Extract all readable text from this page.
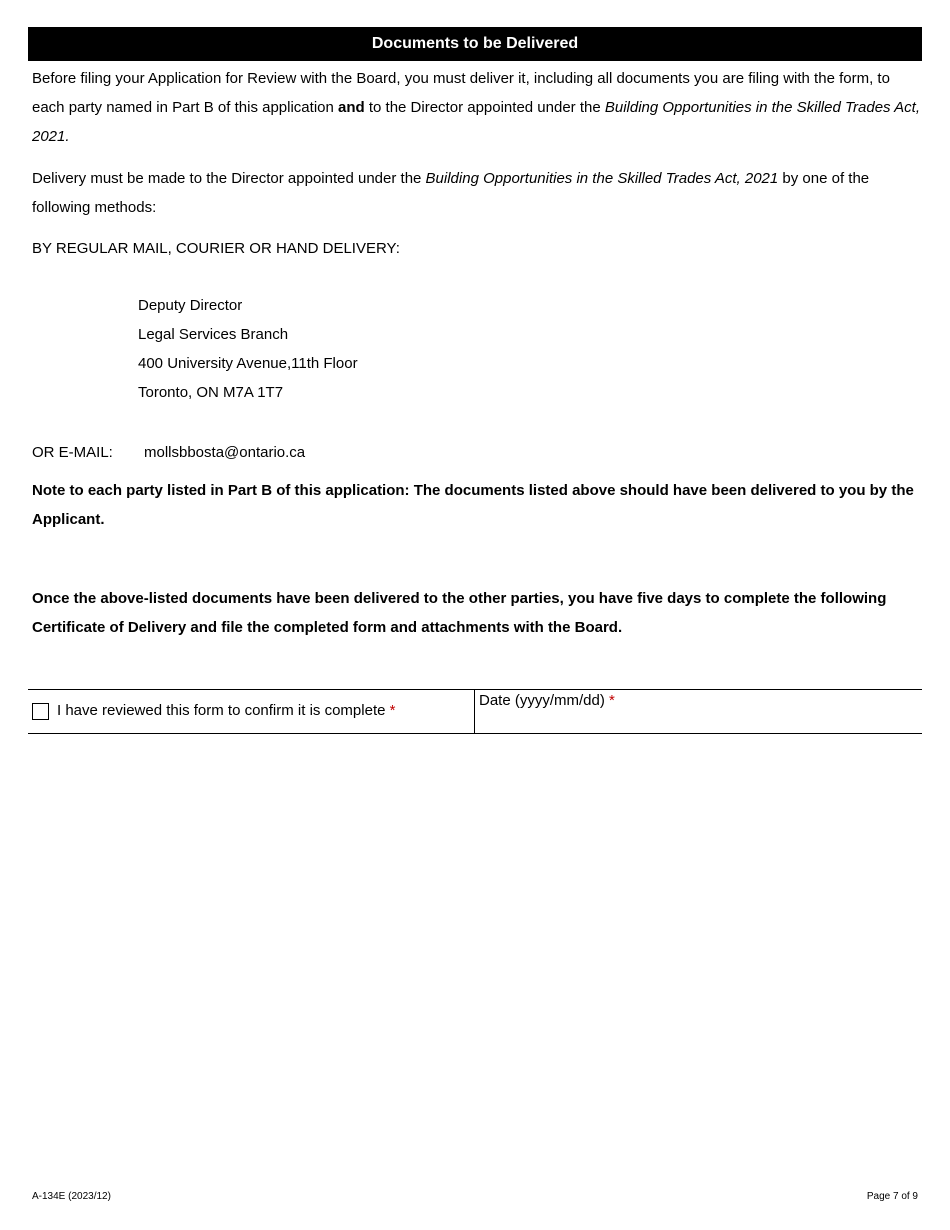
Documents to be Delivered

Before filing your Application for Review with the Board, you must deliver it, including all documents you are filing with the form, to each party named in Part B of this application and to the Director appointed under the Building Opportunities in the Skilled Trades Act, 2021.

Delivery must be made to the Director appointed under the Building Opportunities in the Skilled Trades Act, 2021 by one of the following methods:

BY REGULAR MAIL, COURIER OR HAND DELIVERY:
Deputy Director
Legal Services Branch
400 University Avenue,11th Floor
Toronto, ON M7A 1T7
OR E-MAIL: mollsbbosta@ontario.ca

Note to each party listed in Part B of this application: The documents listed above should have been delivered to you by the Applicant.

Once the above-listed documents have been delivered to the other parties, you have five days to complete the following Certificate of Delivery and file the completed form and attachments with the Board.

I have reviewed this form to confirm it is complete *
Date (yyyy/mm/dd) *
A-134E (2023/12)	Page 7 of 9
